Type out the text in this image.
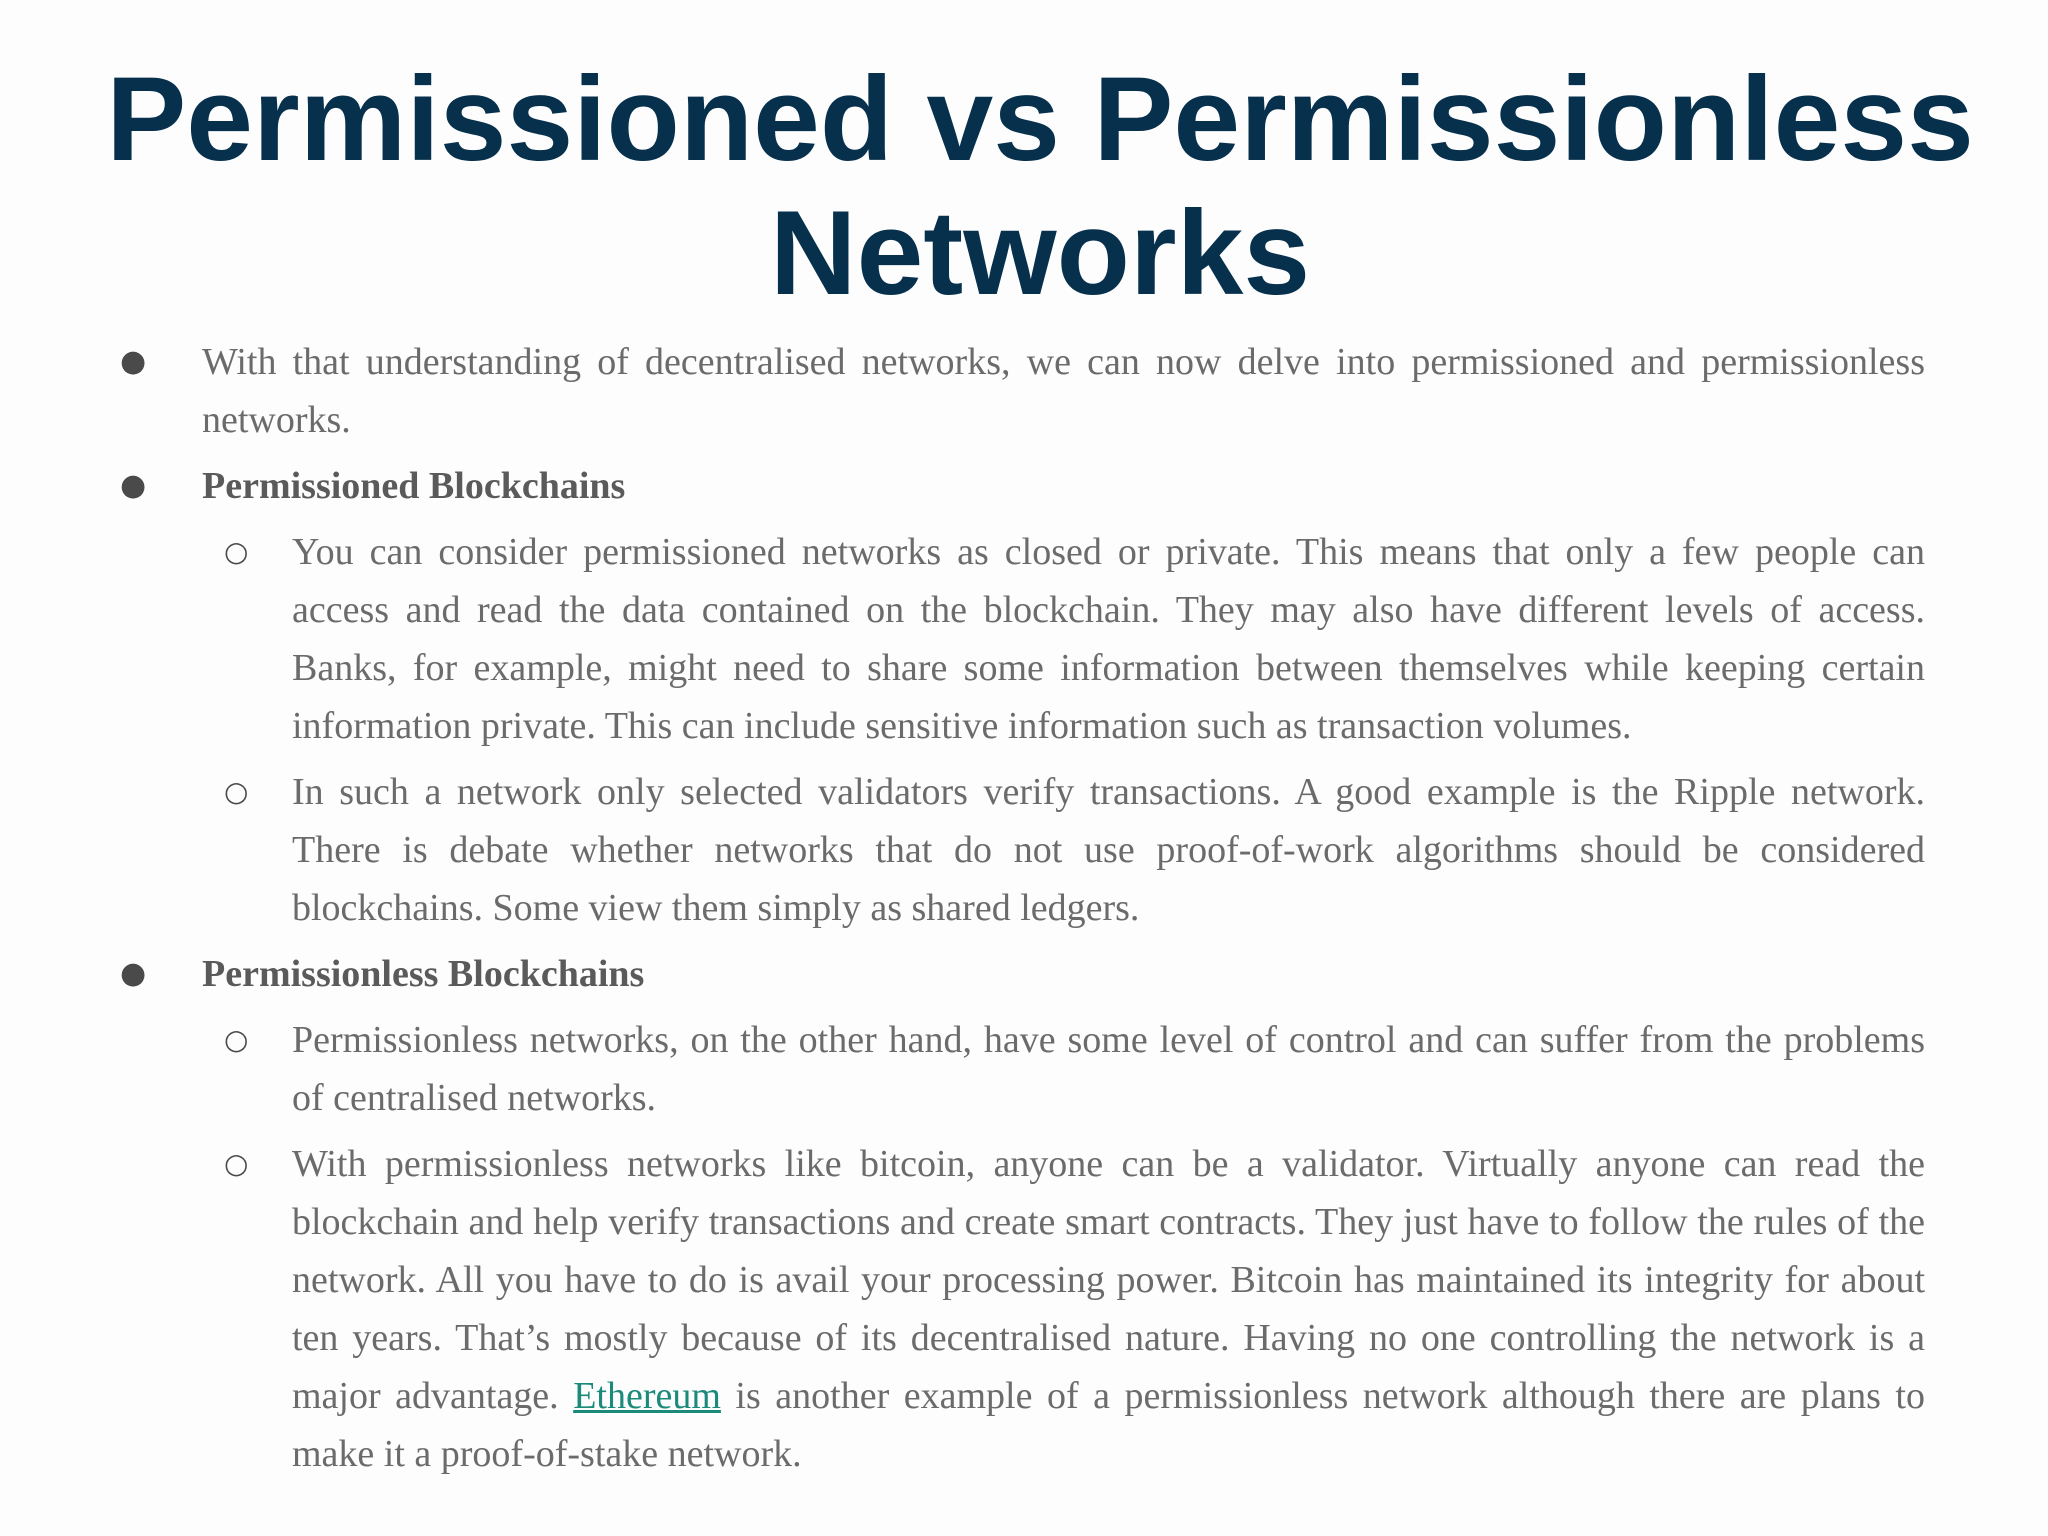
Permissioned vs Permissionless
Networks
● With that understanding of decentralised networks, we can now delve into permissioned and permissionless networks.
● Permissioned Blockchains
○ You can consider permissioned networks as closed or private. This means that only a few people can access and read the data contained on the blockchain. They may also have different levels of access. Banks, for example, might need to share some information between themselves while keeping certain information private. This can include sensitive information such as transaction volumes.
○ In such a network only selected validators verify transactions. A good example is the Ripple network. There is debate whether networks that do not use proof-of-work algorithms should be considered blockchains. Some view them simply as shared ledgers.
● Permissionless Blockchains
○ Permissionless networks, on the other hand, have some level of control and can suffer from the problems of centralised networks.
○ With permissionless networks like bitcoin, anyone can be a validator. Virtually anyone can read the blockchain and help verify transactions and create smart contracts. They just have to follow the rules of the network. All you have to do is avail your processing power. Bitcoin has maintained its integrity for about ten years. That’s mostly because of its decentralised nature. Having no one controlling the network is a major advantage. Ethereum is another example of a permissionless network although there are plans to make it a proof-of-stake network.
